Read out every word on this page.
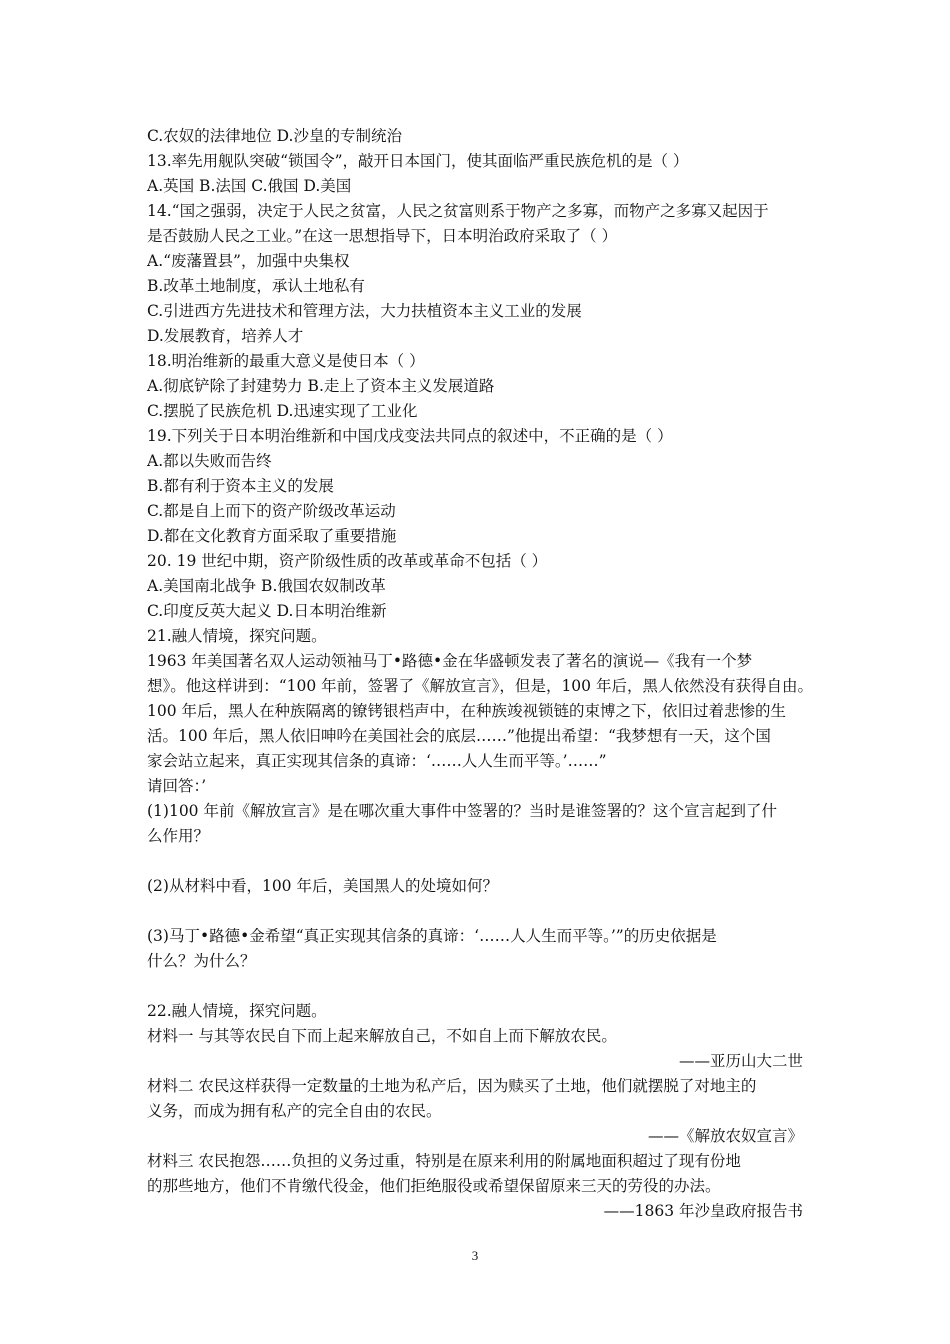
C.农奴的法律地位 D.沙皇的专制统治
13.率先用舰队突破“锁国令”，敲开日本国门，使其面临严重民族危机的是（ ）
A.英国 B.法国 C.俄国 D.美国
14.“国之强弱，决定于人民之贫富，人民之贫富则系于物产之多寡，而物产之多寡又起因于
是否鼓励人民之工业。”在这一思想指导下，日本明治政府采取了（ ）
A.“废藩置县”，加强中央集权
B.改革土地制度，承认土地私有
C.引进西方先进技术和管理方法，大力扶植资本主义工业的发展
D.发展教育，培养人才
18.明治维新的最重大意义是使日本（ ）
A.彻底铲除了封建势力 B.走上了资本主义发展道路
C.摆脱了民族危机 D.迅速实现了工业化
19.下列关于日本明治维新和中国戊戌变法共同点的叙述中，不正确的是（ ）
A.都以失败而告终
B.都有利于资本主义的发展
C.都是自上而下的资产阶级改革运动
D.都在文化教育方面采取了重要措施
20. 19 世纪中期，资产阶级性质的改革或革命不包括（ ）
A.美国南北战争 B.俄国农奴制改革
C.印度反英大起义 D.日本明治维新
21.融人情境，探究问题。
1963 年美国著名双人运动领袖马丁•路德•金在华盛顿发表了著名的演说—《我有一个梦
想》。他这样讲到：“100 年前，签署了《解放宣言》，但是，100 年后，黑人依然没有获得自由。
100 年后，黑人在种族隔离的镣铐银档声中，在种族竣视锁链的束博之下，依旧过着悲惨的生
活。100 年后，黑人依旧呻吟在美国社会的底层……”他提出希望：“我梦想有一天，这个国
家会站立起来，真正实现其信条的真谛：‘……人人生而平等。’……”
请回答：’
(1)100 年前《解放宣言》是在哪次重大事件中签署的？当时是谁签署的？这个宣言起到了什
么作用？
(2)从材料中看，100 年后，美国黑人的处境如何？
(3)马丁•路德•金希望“真正实现其信条的真谛：‘……人人生而平等。’”的历史依据是
什么？为什么？
22.融人情境，探究问题。
材料一 与其等农民自下而上起来解放自己，不如自上而下解放农民。
——亚历山大二世
材料二 农民这样获得一定数量的土地为私产后，因为赎买了土地，他们就摆脱了对地主的
义务，而成为拥有私产的完全自由的农民。
——《解放农奴宣言》
材料三 农民抱怨……负担的义务过重，特别是在原来利用的附属地面积超过了现有份地
的那些地方，他们不肯缴代役金，他们拒绝服役或希望保留原来三天的劳役的办法。
——1863 年沙皇政府报告书
3
